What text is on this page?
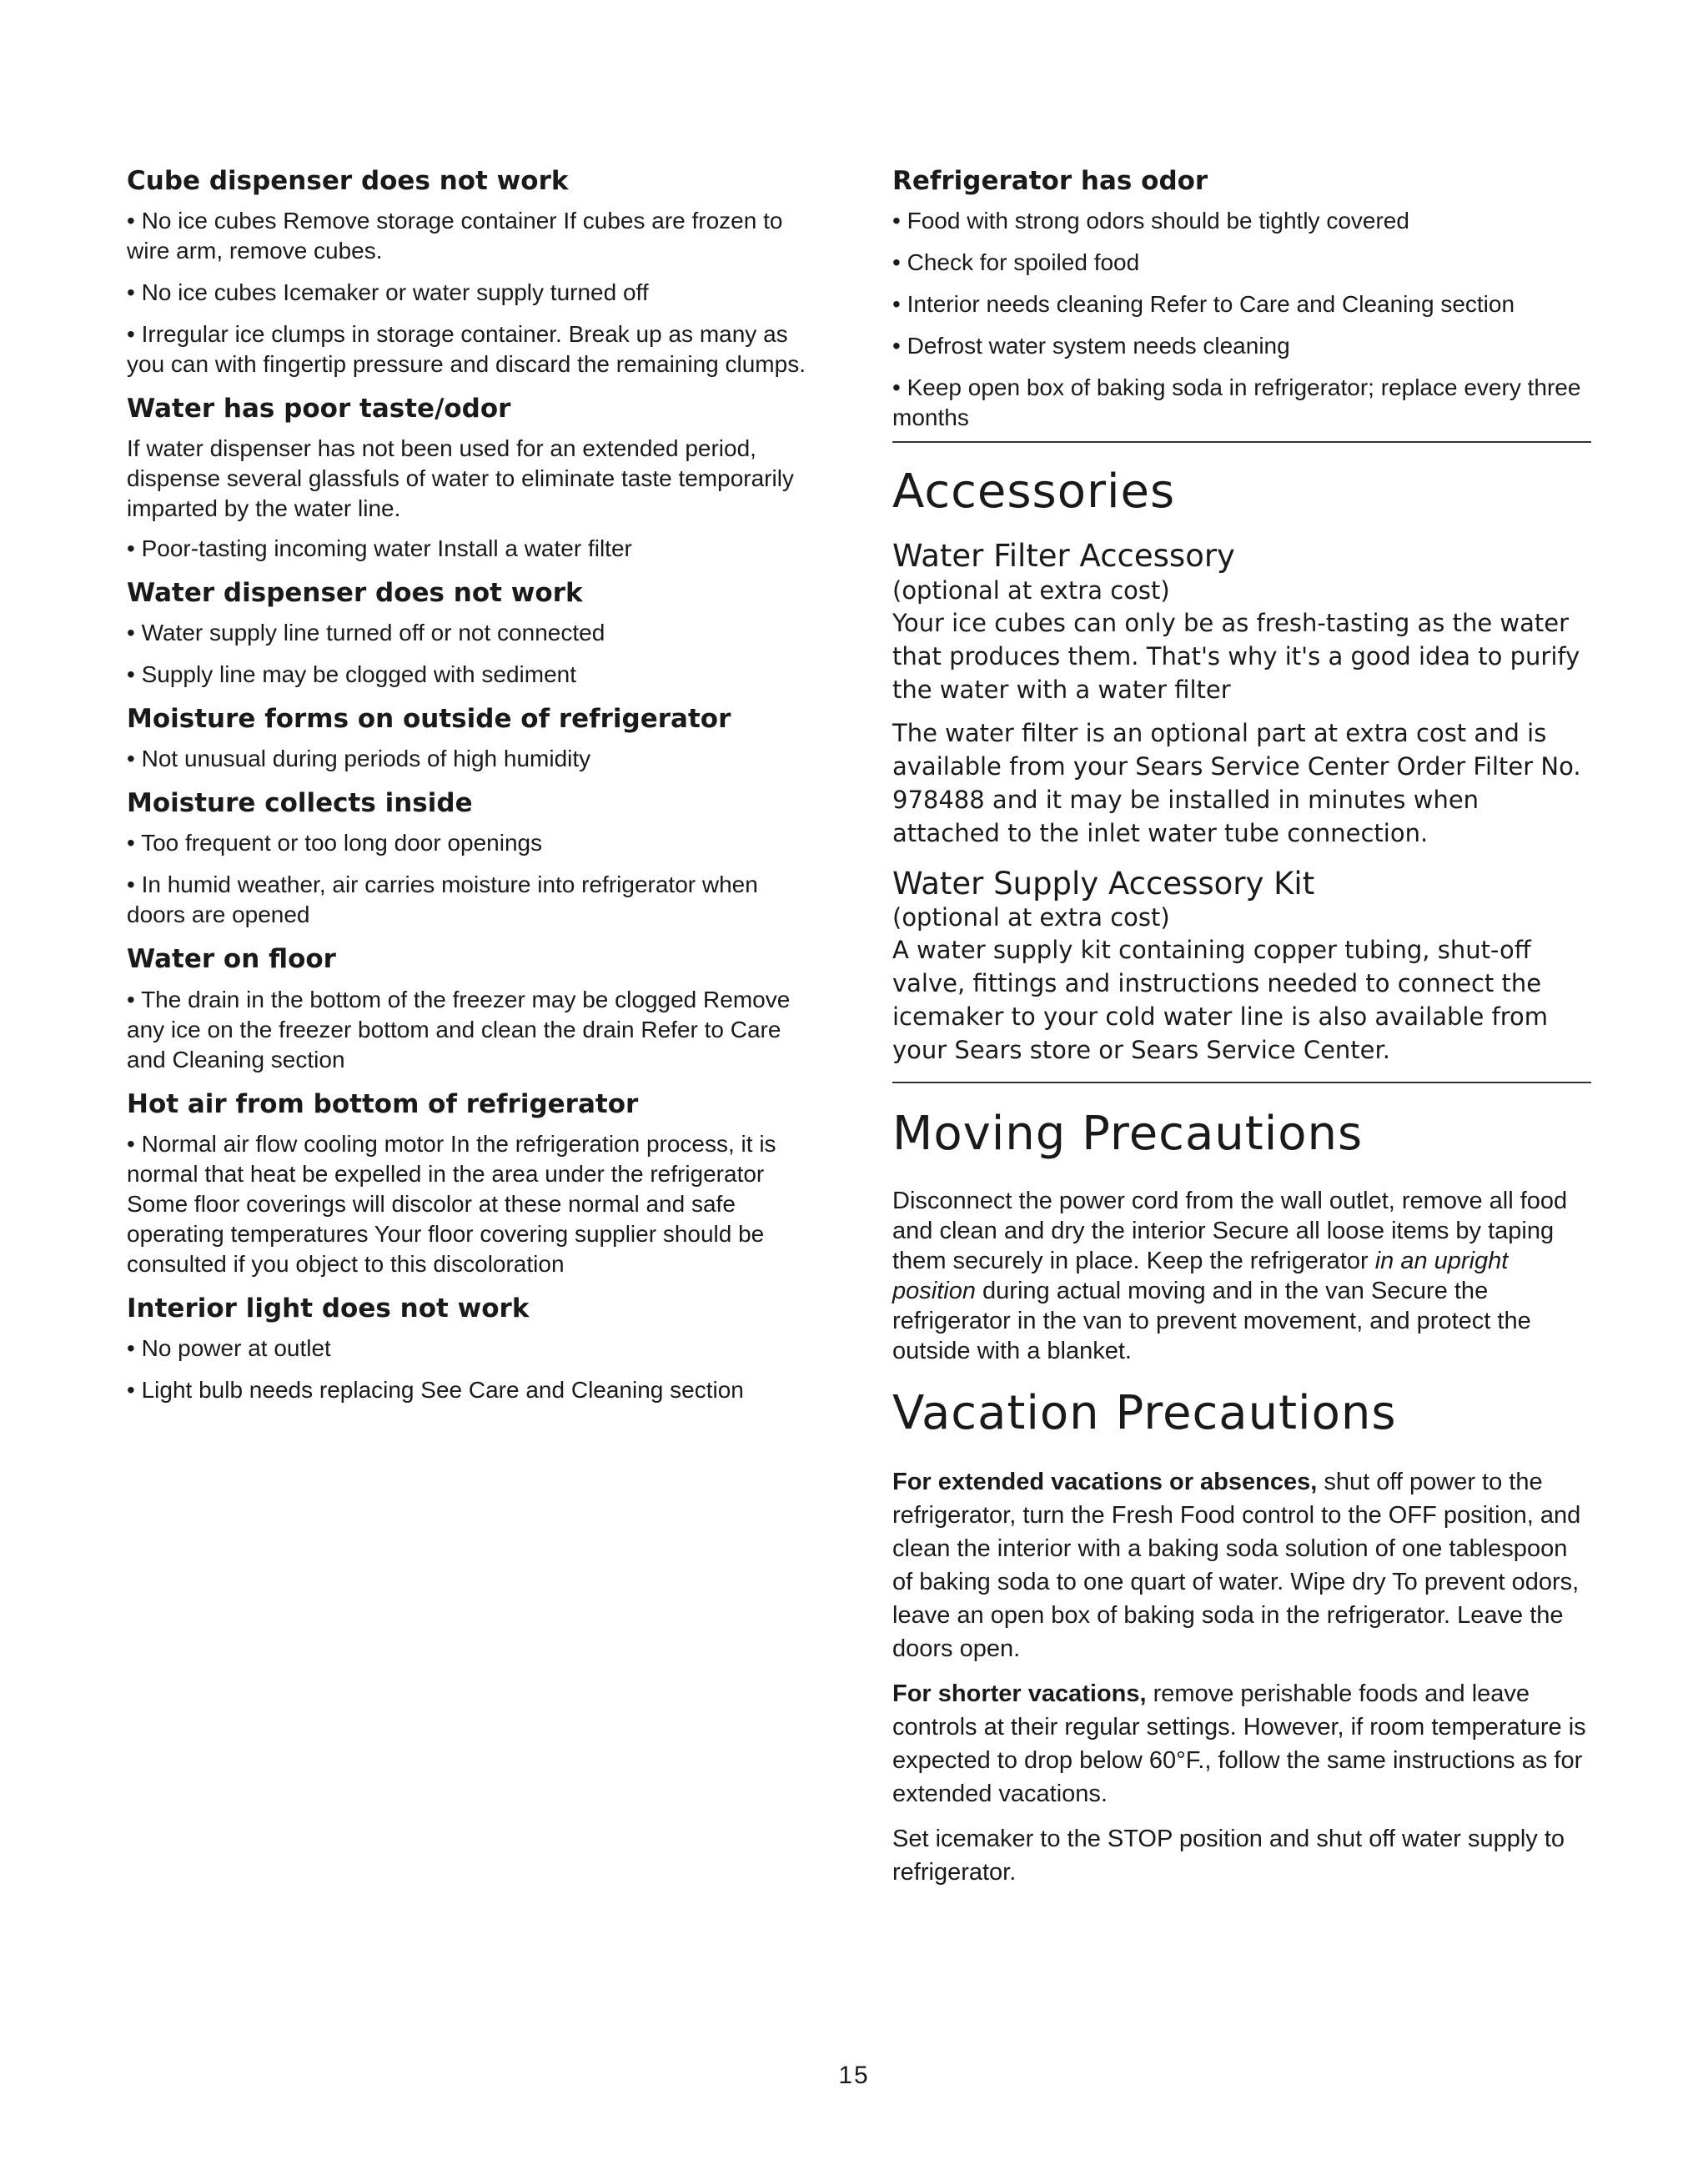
Cube dispenser does not work
• No ice cubes Remove storage container If cubes are frozen to wire arm, remove cubes.
• No ice cubes Icemaker or water supply turned off
• Irregular ice clumps in storage container. Break up as many as you can with fingertip pressure and discard the remaining clumps.
Water has poor taste/odor
If water dispenser has not been used for an extended period, dispense several glassfuls of water to eliminate taste temporarily imparted by the water line.
• Poor-tasting incoming water Install a water filter
Water dispenser does not work
• Water supply line turned off or not connected
• Supply line may be clogged with sediment
Moisture forms on outside of refrigerator
• Not unusual during periods of high humidity
Moisture collects inside
• Too frequent or too long door openings
• In humid weather, air carries moisture into refrigerator when doors are opened
Water on floor
• The drain in the bottom of the freezer may be clogged Remove any ice on the freezer bottom and clean the drain Refer to Care and Cleaning section
Hot air from bottom of refrigerator
• Normal air flow cooling motor In the refrigeration process, it is normal that heat be expelled in the area under the refrigerator Some floor coverings will discolor at these normal and safe operating temperatures Your floor covering supplier should be consulted if you object to this discoloration
Interior light does not work
• No power at outlet
• Light bulb needs replacing See Care and Cleaning section
Refrigerator has odor
• Food with strong odors should be tightly covered
• Check for spoiled food
• Interior needs cleaning Refer to Care and Cleaning section
• Defrost water system needs cleaning
• Keep open box of baking soda in refrigerator; replace every three months
Accessories
Water Filter Accessory

(optional at extra cost)

Your ice cubes can only be as fresh-tasting as the water that produces them. That's why it's a good idea to purify the water with a water filter

The water filter is an optional part at extra cost and is available from your Sears Service Center Order Filter No. 978488 and it may be installed in minutes when attached to the inlet water tube connection.

Water Supply Accessory Kit

(optional at extra cost)

A water supply kit containing copper tubing, shut-off valve, fittings and instructions needed to connect the icemaker to your cold water line is also available from your Sears store or Sears Service Center.

Moving Precautions

Disconnect the power cord from the wall outlet, remove all food and clean and dry the interior Secure all loose items by taping them securely in place. Keep the refrigerator in an upright position during actual moving and in the van Secure the refrigerator in the van to prevent movement, and protect the outside with a blanket.

Vacation Precautions

For extended vacations or absences, shut off power to the refrigerator, turn the Fresh Food control to the OFF position, and clean the interior with a baking soda solution of one tablespoon of baking soda to one quart of water. Wipe dry To prevent odors, leave an open box of baking soda in the refrigerator. Leave the doors open.

For shorter vacations, remove perishable foods and leave controls at their regular settings. However, if room temperature is expected to drop below 60°F., follow the same instructions as for extended vacations.

Set icemaker to the STOP position and shut off water supply to refrigerator.

15
